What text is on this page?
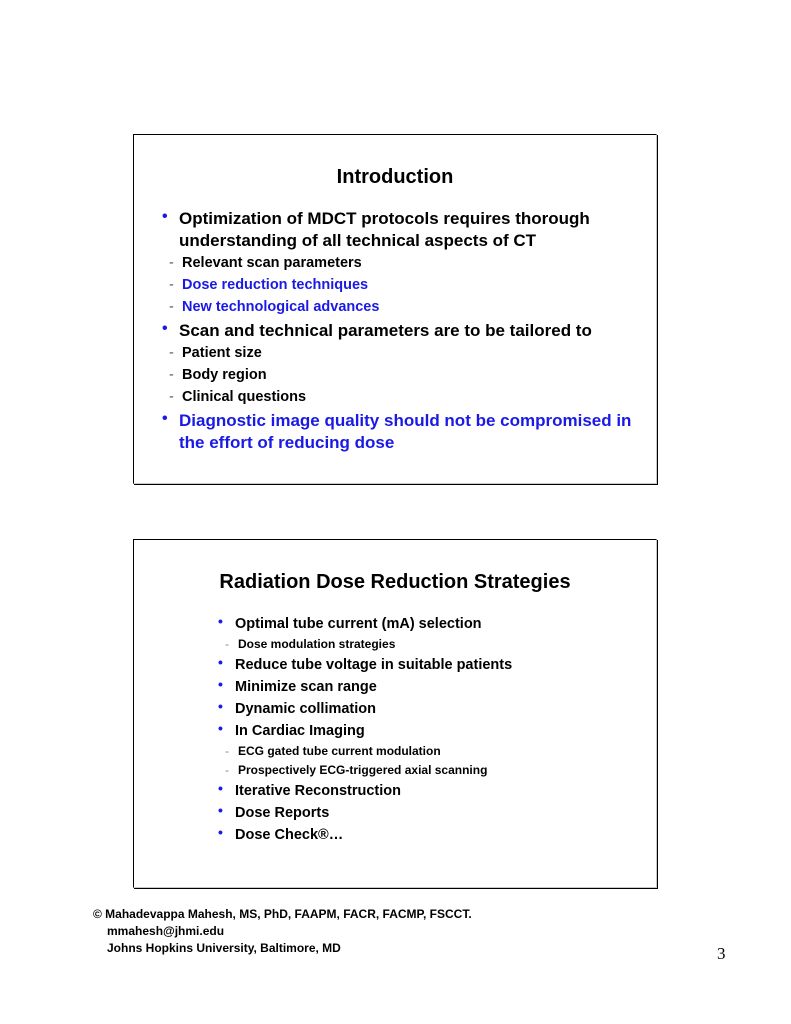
Introduction
• Optimization of MDCT protocols requires thorough understanding of all technical aspects of CT
- Relevant scan parameters
- Dose reduction techniques
- New technological advances
• Scan and technical parameters are to be tailored to
- Patient size
- Body region
- Clinical questions
• Diagnostic image quality should not be compromised in the effort of reducing dose
Radiation Dose Reduction Strategies
• Optimal tube current (mA) selection
- Dose modulation strategies
• Reduce tube voltage in suitable patients
• Minimize scan range
• Dynamic collimation
• In Cardiac Imaging
- ECG gated tube current modulation
- Prospectively ECG-triggered axial scanning
• Iterative Reconstruction
• Dose Reports
• Dose Check®…
© Mahadevappa Mahesh, MS, PhD, FAAPM, FACR, FACMP, FSCCT.
mmahesh@jhmi.edu
Johns Hopkins University, Baltimore, MD	3
